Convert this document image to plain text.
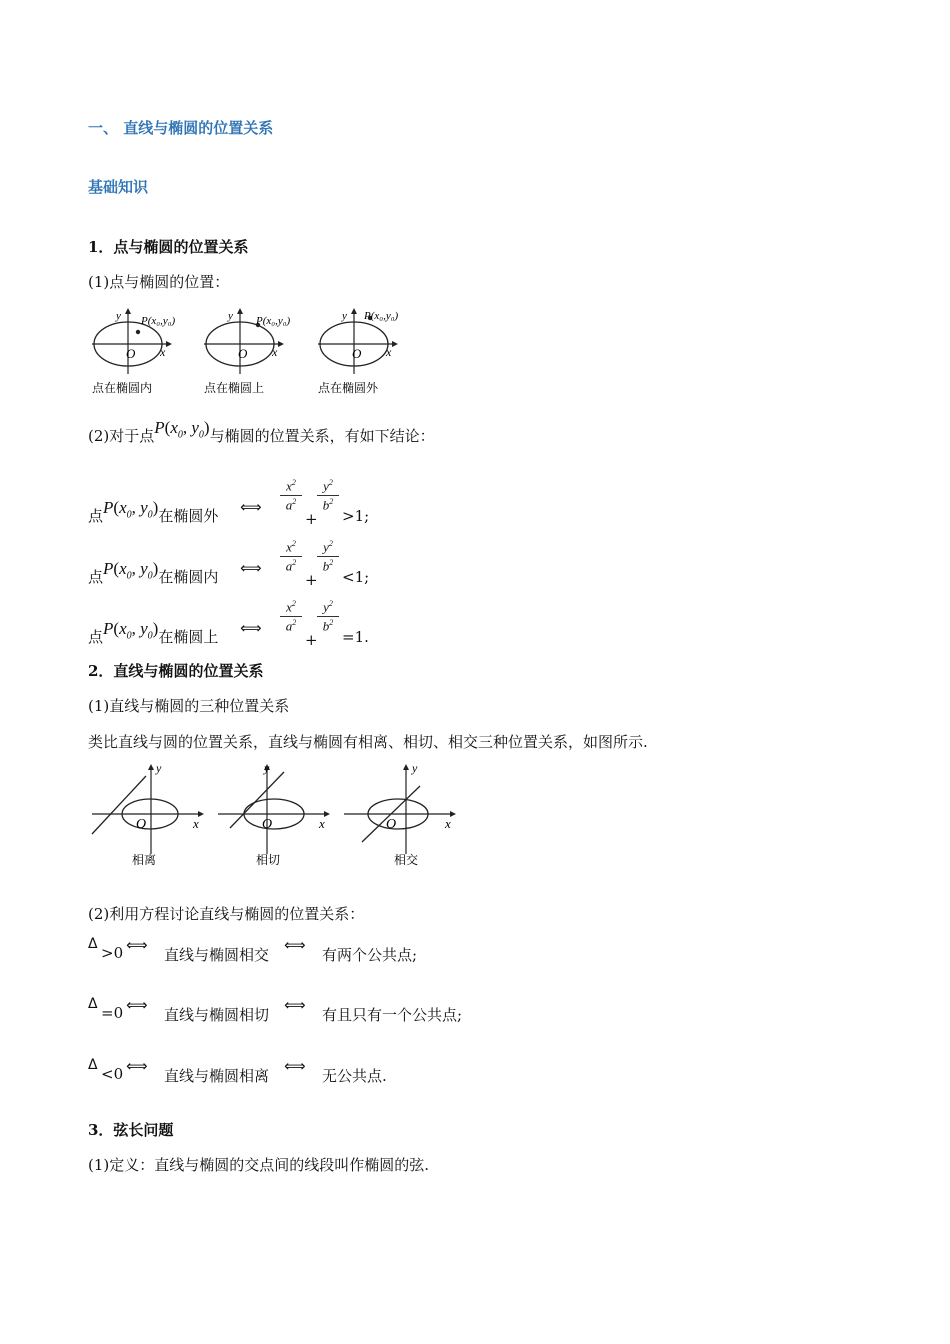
一、 直线与椭圆的位置关系
基础知识
1．点与椭圆的位置关系
(1)点与椭圆的位置：
y
x
O
P(x₀,y₀)
点在椭圆内
y
x
O
P(x₀,y₀)
点在椭圆上
y
x
O
P(x₀,y₀)
点在椭圆外
(2)对于点$P(x_0$, $y_0$)与椭圆的位置关系，有如下结论：
点$P(x_0$, $y_0$)在椭圆外 ⟺
$x^2$
$a^2$
+
$y^2$
$b^2$
>1;
点$P(x_0$, $y_0$)在椭圆内 ⟺
$x^2$
$a^2$
+
$y^2$
$b^2$
<1;
点$P(x_0$, $y_0$)在椭圆上 ⟺
$x^2$
$a^2$
+
$y^2$
$b^2$
=1.
2．直线与椭圆的位置关系
(1)直线与椭圆的三种位置关系
类比直线与圆的位置关系，直线与椭圆有相离、相切、相交三种位置关系，如图所示.
y
x
O
相离
y
x
O
相切
y
x
O
相交
(2)利用方程讨论直线与椭圆的位置关系：
Δ >0 ⟺
直线与椭圆相交
⟺
有两个公共点;
Δ =0 ⟺
直线与椭圆相切
⟺
有且只有一个公共点;
Δ <0 ⟺
直线与椭圆相离
⟺
无公共点.
3．弦长问题
(1)定义：直线与椭圆的交点间的线段叫作椭圆的弦.
